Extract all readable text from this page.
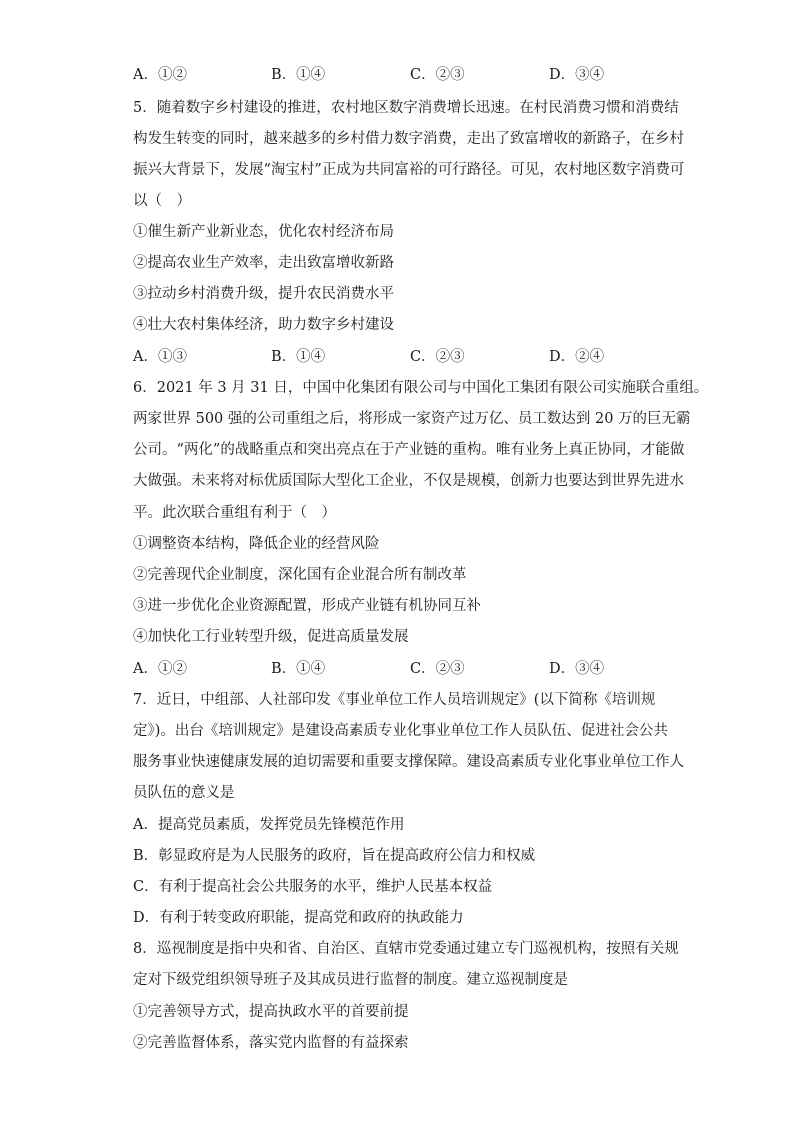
A．①②	B．①④	C．②③	D．③④
5．随着数字乡村建设的推进，农村地区数字消费增长迅速。在村民消费习惯和消费结
构发生转变的同时，越来越多的乡村借力数字消费，走出了致富增收的新路子，在乡村
振兴大背景下，发展“淘宝村”正成为共同富裕的可行路径。可见，农村地区数字消费可
以（　）
①催生新产业新业态，优化农村经济布局
②提高农业生产效率，走出致富增收新路
③拉动乡村消费升级，提升农民消费水平
④壮大农村集体经济，助力数字乡村建设
A．①③	B．①④	C．②③	D．②④
6．2021 年 3 月 31 日，中国中化集团有限公司与中国化工集团有限公司实施联合重组。
两家世界 500 强的公司重组之后，将形成一家资产过万亿、员工数达到 20 万的巨无霸
公司。“两化”的战略重点和突出亮点在于产业链的重构。唯有业务上真正协同，才能做
大做强。未来将对标优质国际大型化工企业，不仅是规模，创新力也要达到世界先进水
平。此次联合重组有利于（　）
①调整资本结构，降低企业的经营风险
②完善现代企业制度，深化国有企业混合所有制改革
③进一步优化企业资源配置，形成产业链有机协同互补
④加快化工行业转型升级，促进高质量发展
A．①②	B．①④	C．②③	D．③④
7．近日，中组部、人社部印发《事业单位工作人员培训规定》(以下简称《培训规
定》)。出台《培训规定》是建设高素质专业化事业单位工作人员队伍、促进社会公共
服务事业快速健康发展的迫切需要和重要支撑保障。建设高素质专业化事业单位工作人
员队伍的意义是
A．提高党员素质，发挥党员先锋模范作用
B．彰显政府是为人民服务的政府，旨在提高政府公信力和权威
C．有利于提高社会公共服务的水平，维护人民基本权益
D．有利于转变政府职能，提高党和政府的执政能力
8．巡视制度是指中央和省、自治区、直辖市党委通过建立专门巡视机构，按照有关规
定对下级党组织领导班子及其成员进行监督的制度。建立巡视制度是
①完善领导方式，提高执政水平的首要前提
②完善监督体系，落实党内监督的有益探索
